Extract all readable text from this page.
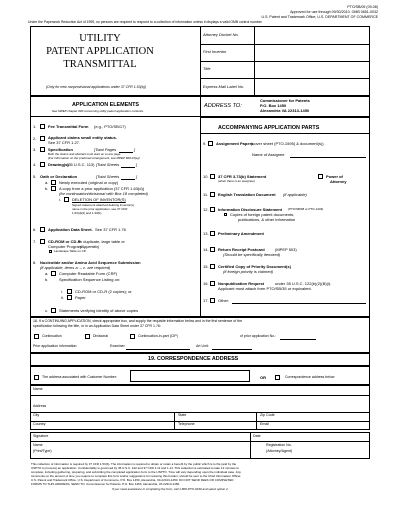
PTO/SB/05 (09-08)
Approved for use through 09/30/2010. OMB 0651-0032
U.S. Patent and Trademark Office; U.S. DEPARTMENT OF COMMERCE
Under the Paperwork Reduction Act of 1995, no persons are required to respond to a collection of information unless it displays a valid OMB control number.
UTILITY
PATENT APPLICATION
TRANSMITTAL
(Only for new nonprovisional applications under 37 CFR 1.53(b))
Attorney Docket No.
First Inventor
Title
Express Mail Label No.
APPLICATION ELEMENTS
See MPEP chapter 600 concerning utility patent application contents.
1.	Fee Transmittal Form (e.g., PTO/SB/17)
2.	Applicant claims small entity status.
See 37 CFR 1.27.
3.	Specification	[Total Pages	]
Both the claims and abstract must start on a new page
(For information on the preferred arrangement, see MPEP 608.01(a))
4.	Drawing(s)
(35 U.S.C. 113) [Total Sheets	]
5. Oath or Declaration	[Total Sheets	]
a.	Newly executed (original or copy)
b.	A copy from a prior application (37 CFR 1.63(d))
(for continuation/divisional with Box 18 completed)
i.	DELETION OF INVENTOR(S)
Signed statement attached deleting inventor(s)
name in the prior application, see 37 CFR
1.63(d)(2) and 1.33(b).
6.	Application Data Sheet. See 37 CFR 1.76
7.	CD-ROM or CD-R
in duplicate, large table or
Computer Program
(Appendix)
Landscape Table on CD
8. Nucleotide and/or Amino Acid Sequence Submission
(if applicable, items a. – c. are required)
a.	Computer Readable Form (CRF)
b.	Specification Sequence Listing on:
i.	CD-ROM or CD-R (2 copies); or
ii.	Paper
c.	Statements verifying identity of above copies
ADDRESS TO:
Commissioner for Patents
P.O. Box 1450
Alexandria VA 22313-1450
ACCOMPANYING APPLICATION PARTS
9. Assignment Papers
(cover sheet (PTO-1595) & document(s))
Name of Assignee
10. 37 CFR 3.73(b) Statement
(when there is an assignee)
Power of
Attorney
11. English Translation Document (if applicable)
12. Information Disclosure Statement (PTO/SB/08 or PTO-1449)
Copies of foreign patent documents,
publications, & other information
13. Preliminary Amendment
14. Return Receipt Postcard	(MPEP 503)
(Should be specifically itemized)
15. Certified Copy of Priority Document(s)
(if foreign priority is claimed)
16. Nonpublication Request	under 35 U.S.C. 122(b)(2)(B)(i).
Applicant must attach form PTO/SB/35 or equivalent.
17. Other:
18. If a CONTINUING APPLICATION, check appropriate box, and supply the requisite information below and in the first sentence of the
specification following the title, or in an Application Data Sheet under 37 CFR 1.76:
Continuation	Divisional	Continuation-in-part (CIP)	of prior application No.:
Prior application information:	Examiner	Art Unit:
19. CORRESPONDENCE ADDRESS
The address associated with Customer Number:	OR	Correspondence address below
Name
Address
City	State	Zip Code
Country	Telephone	Email
Signature	Date
Name
(Print/Type)
Registration No.
(Attorney/Agent)
This collection of information is required by 37 CFR 1.53(b). The information is required to obtain or retain a benefit by the public which is to file (and by the
USPTO to process) an application. Confidentiality is governed by 35 U.S.C. 122 and 37 CFR 1.11 and 1.14. This collection is estimated to take 12 minutes to
complete, including gathering, preparing, and submitting the completed application form to the USPTO. Time will vary depending upon the individual case. Any
comments on the amount of time you require to complete this form and/or suggestions for reducing this burden, should be sent to the Chief Information Officer,
U.S. Patent and Trademark Office, U.S. Department of Commerce, P.O. Box 1450, Alexandria, VA 22313-1450. DO NOT SEND FEES OR COMPLETED
FORMS TO THIS ADDRESS. SEND TO: Commissioner for Patents, P.O. Box 1450, Alexandria, VA 22313-1450.
If you need assistance in completing the form, call 1-800-PTO-9199 and select option 2.
